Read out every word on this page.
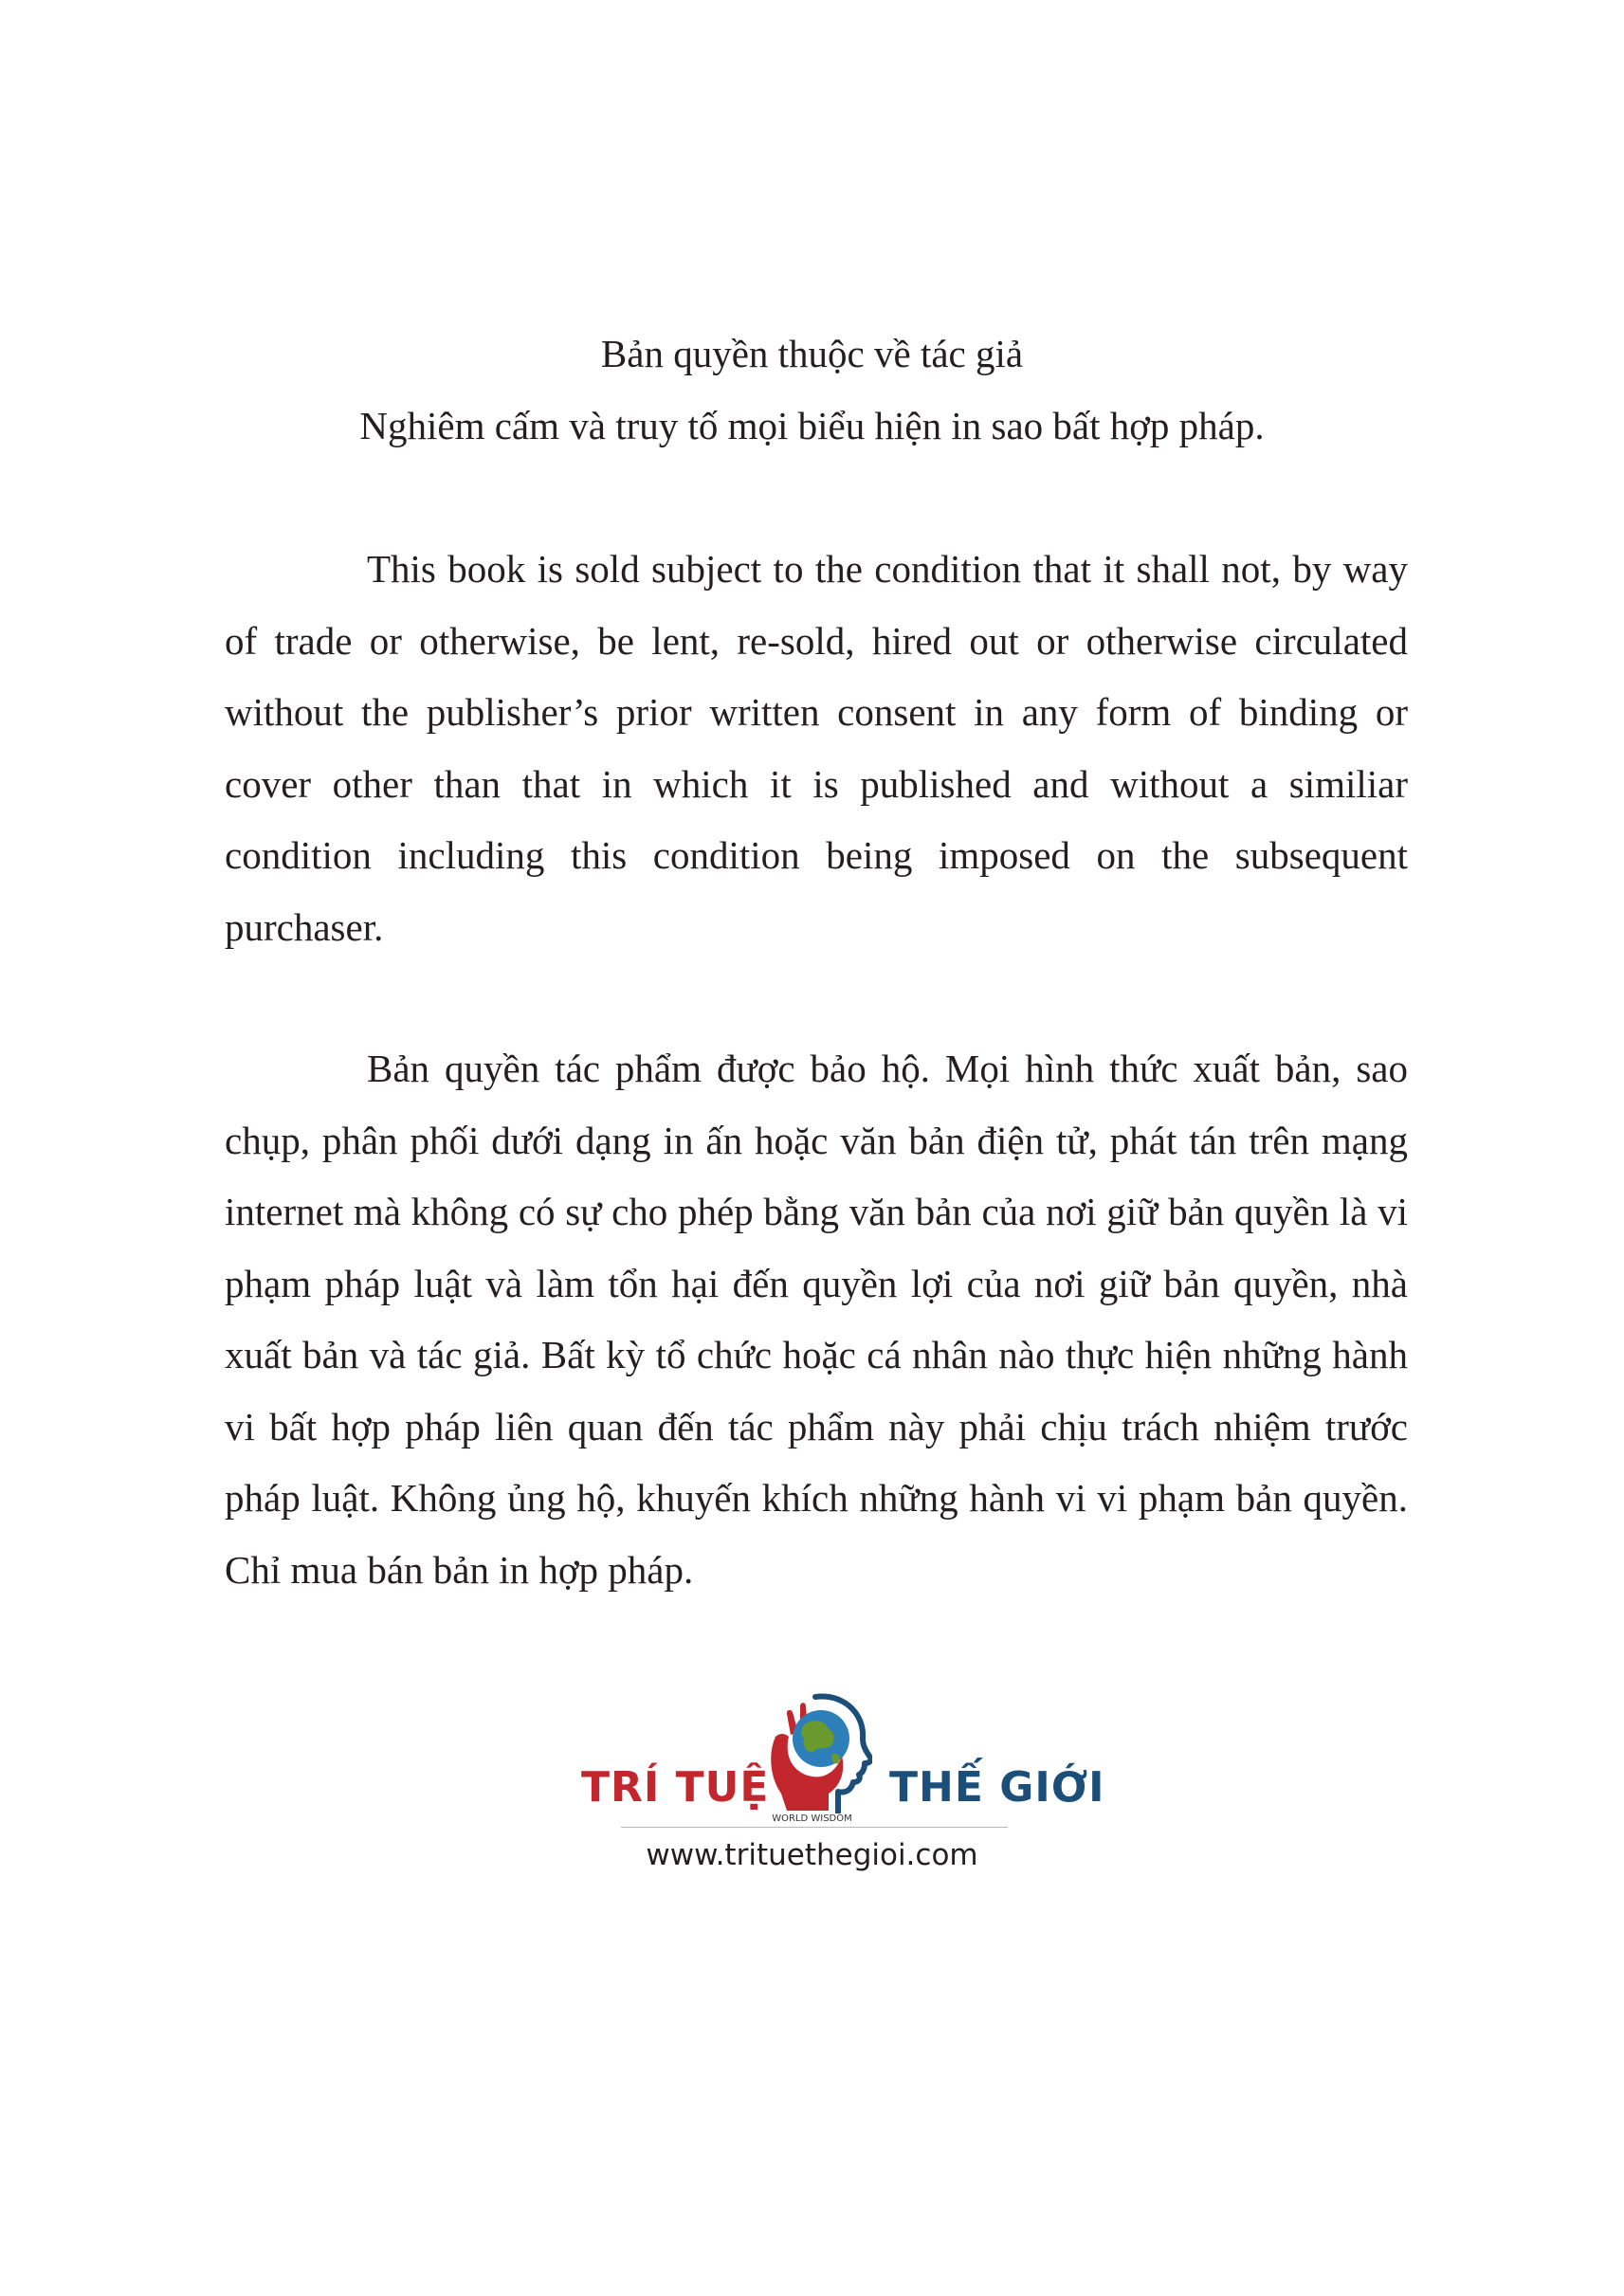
Bản quyền thuộc về tác giả
Nghiêm cấm và truy tố mọi biểu hiện in sao bất hợp pháp.

This book is sold subject to the condition that it shall not, by way of trade or otherwise, be lent, re-sold, hired out or otherwise circulated without the publisher’s prior written consent in any form of binding or cover other than that in which it is published and without a similiar condition including this condition being imposed on the subsequent purchaser.

Bản quyền tác phẩm được bảo hộ. Mọi hình thức xuất bản, sao chụp, phân phối dưới dạng in ấn hoặc văn bản điện tử, phát tán trên mạng internet mà không có sự cho phép bằng văn bản của nơi giữ bản quyền là vi phạm pháp luật và làm tổn hại đến quyền lợi của nơi giữ bản quyền, nhà xuất bản và tác giả. Bất kỳ tổ chức hoặc cá nhân nào thực hiện những hành vi bất hợp pháp liên quan đến tác phẩm này phải chịu trách nhiệm trước pháp luật. Không ủng hộ, khuyến khích những hành vi vi phạm bản quyền. Chỉ mua bán bản in hợp pháp.

TRÍ TUỆ	THẾ GIỚI
WORLD WISDOM
www.trituethegioi.com
